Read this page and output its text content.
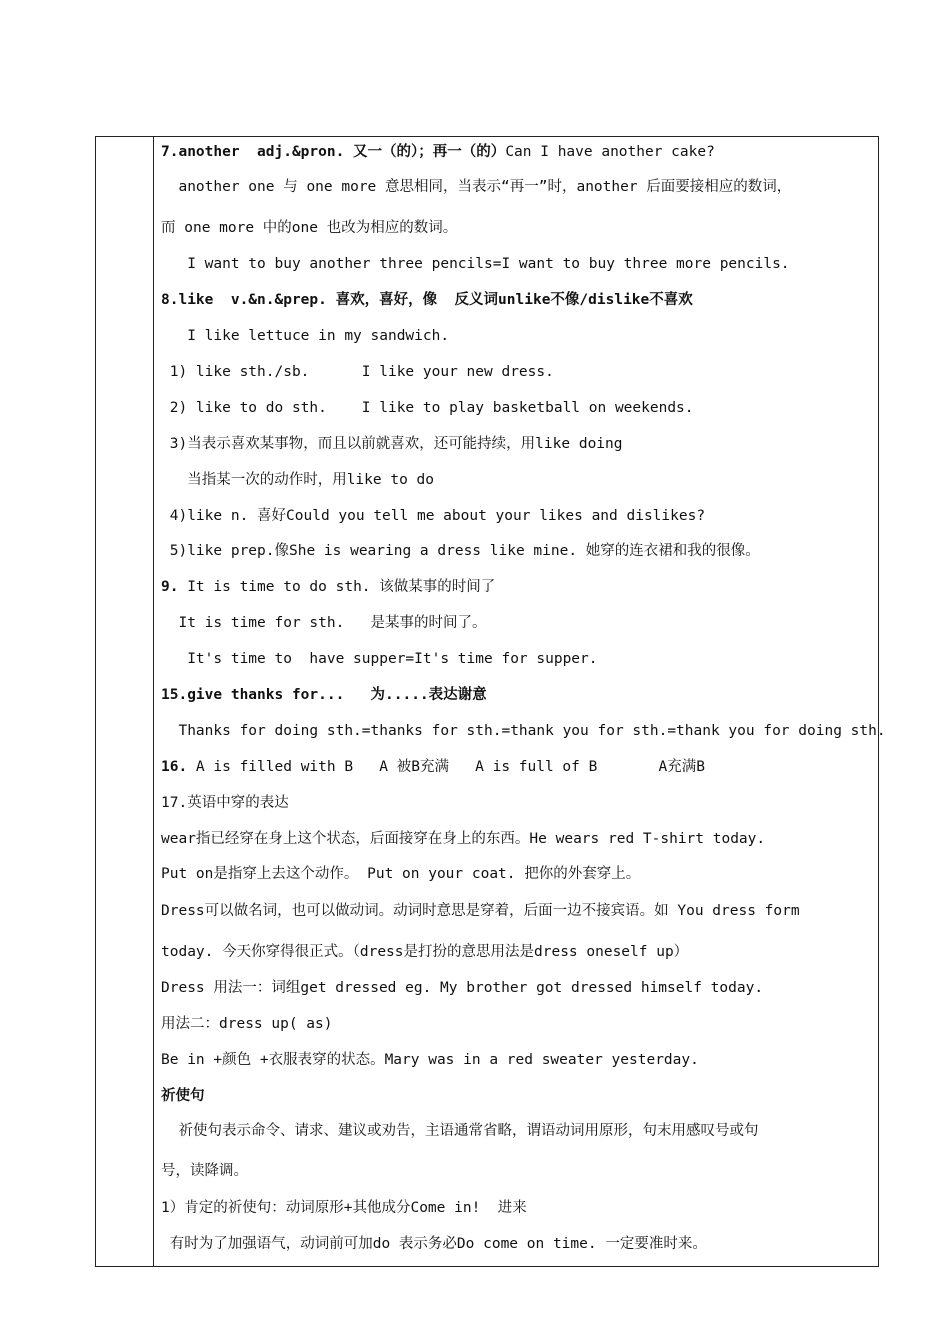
7.another  adj.&pron. 又一（的）；再一（的）Can I have another cake?
another one 与 one more 意思相同，当表示“再一”时，another 后面要接相应的数词，
而 one more 中的one 也改为相应的数词。
I want to buy another three pencils=I want to buy three more pencils.
8.like  v.&n.&prep. 喜欢，喜好，像  反义词unlike不像/dislike不喜欢
I like lettuce in my sandwich.
1) like sth./sb.      I like your new dress.
2) like to do sth.    I like to play basketball on weekends.
3)当表示喜欢某事物，而且以前就喜欢，还可能持续，用like doing
当指某一次的动作时，用like to do
4)like n. 喜好Could you tell me about your likes and dislikes?
5)like prep.像She is wearing a dress like mine. 她穿的连衣裙和我的很像。
9. It is time to do sth. 该做某事的时间了
It is time for sth.   是某事的时间了。
It's time to  have supper=It's time for supper.
15.give thanks for...   为.....表达谢意
Thanks for doing sth.=thanks for sth.=thank you for sth.=thank you for doing sth.
16. A is filled with B   A 被B充满   A is full of B       A充满B
17.英语中穿的表达
wear指已经穿在身上这个状态，后面接穿在身上的东西。He wears red T-shirt today.
Put on是指穿上去这个动作。 Put on your coat. 把你的外套穿上。
Dress可以做名词，也可以做动词。动词时意思是穿着，后面一边不接宾语。如 You dress form
today. 今天你穿得很正式。（dress是打扮的意思用法是dress oneself up）
Dress 用法一：词组get dressed eg. My brother got dressed himself today.
用法二：dress up( as)
Be in +颜色 +衣服表穿的状态。Mary was in a red sweater yesterday.
祈使句
祈使句表示命令、请求、建议或劝告，主语通常省略，谓语动词用原形，句末用感叹号或句
号，读降调。
1）肯定的祈使句：动词原形+其他成分Come in!  进来
有时为了加强语气，动词前可加do 表示务必Do come on time. 一定要准时来。
